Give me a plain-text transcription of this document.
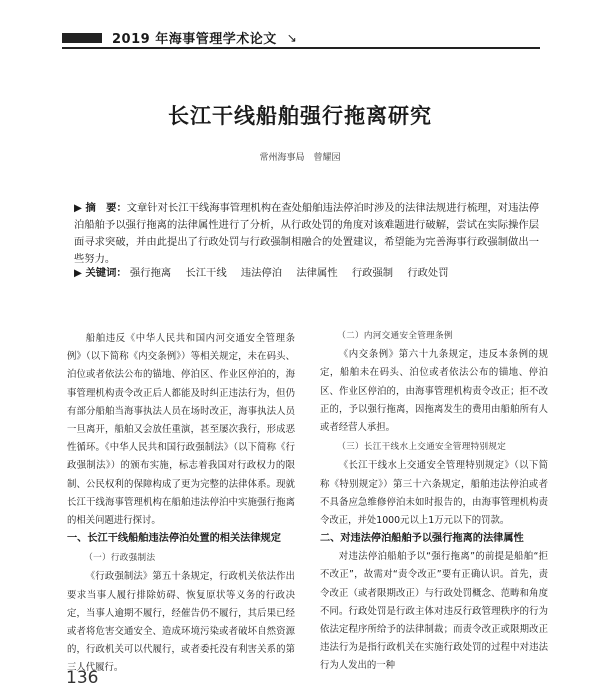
2019 年海事管理学术论文 ↘
长江干线船舶强行拖离研究
常州海事局　曾耀园
▶ 摘　要：文章针对长江干线海事管理机构在查处船舶违法停泊时涉及的法律法规进行梳理，对违法停泊船舶予以强行拖离的法律属性进行了分析，从行政处罚的角度对该难题进行破解，尝试在实际操作层面寻求突破，并由此提出了行政处罚与行政强制相融合的处置建议，希望能为完善海事行政强制做出一些努力。
▶ 关键词： 强行拖离 长江干线 违法停泊 法律属性 行政强制 行政处罚

船舶违反《中华人民共和国内河交通安全管理条例》（以下简称《内交条例》）等相关规定，未在码头、泊位或者依法公布的锚地、停泊区、作业区停泊的，海事管理机构责令改正后人都能及时纠正违法行为，但仍有部分船舶当海事执法人员在场时改正，海事执法人员一旦离开，船舶又会放任重演，甚至屡次我行，形成恶性循环。《中华人民共和国行政强制法》（以下简称《行政强制法》）的颁布实施，标志着我国对行政权力的限制、公民权利的保障构成了更为完整的法律体系。现就长江干线海事管理机构在船舶违法停泊中实施强行拖离的相关问题进行探讨。

一、长江干线船舶违法停泊处置的相关法律规定
（一）行政强制法

《行政强制法》第五十条规定，行政机关依法作出要求当事人履行排除妨碍、恢复原状等义务的行政决定，当事人逾期不履行，经催告仍不履行，其后果已经或者将危害交通安全、造成环境污染或者破坏自然资源的，行政机关可以代履行，或者委托没有利害关系的第三人代履行。

（二）内河交通安全管理条例

《内交条例》第六十九条规定，违反本条例的规定，船舶未在码头、泊位或者依法公布的锚地、停泊区、作业区停泊的，由海事管理机构责令改正；拒不改正的，予以强行拖离，因拖离发生的费用由船舶所有人或者经营人承担。

（三）长江干线水上交通安全管理特别规定

《长江干线水上交通安全管理特别规定》（以下简称《特别规定》）第三十六条规定，船舶违法停泊或者不具备应急维修停泊未如时报告的，由海事管理机构责令改正，并处1000元以上1万元以下的罚款。

二、对违法停泊船舶予以强行拖离的法律属性

对违法停泊船舶予以“强行拖离”的前提是船舶“拒不改正”，故需对“责令改正”要有正确认识。首先，责令改正（或者限期改正）与行政处罚概念、范畴和角度不同。行政处罚是行政主体对违反行政管理秩序的行为依法定程序所给予的法律制裁；而责令改正或限期改正违法行为是指行政机关在实施行政处罚的过程中对违法行为人发出的一种

136
